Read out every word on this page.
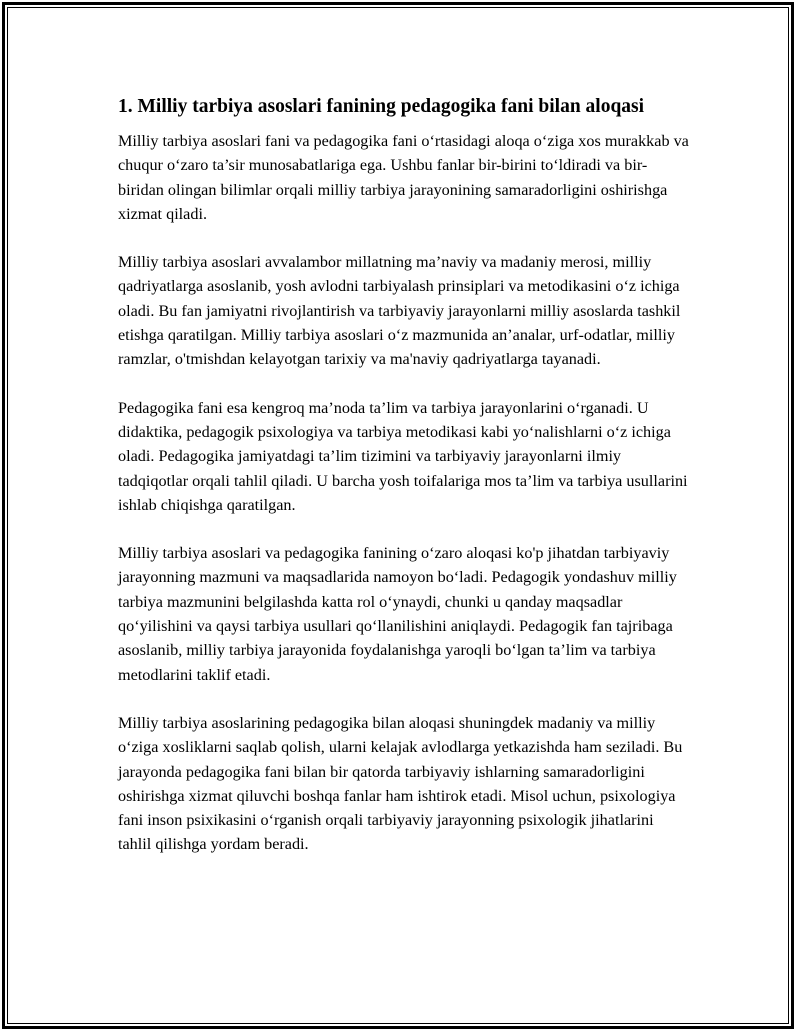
1. Milliy tarbiya asoslari fanining pedagogika fani bilan aloqasi

Milliy tarbiya asoslari fani va pedagogika fani o‘rtasidagi aloqa o‘ziga xos murakkab va chuqur o‘zaro ta’sir munosabatlariga ega. Ushbu fanlar bir-birini to‘ldiradi va bir-biridan olingan bilimlar orqali milliy tarbiya jarayonining samaradorligini oshirishga xizmat qiladi.

Milliy tarbiya asoslari avvalambor millatning ma’naviy va madaniy merosi, milliy qadriyatlarga asoslanib, yosh avlodni tarbiyalash prinsiplari va metodikasini o‘z ichiga oladi. Bu fan jamiyatni rivojlantirish va tarbiyaviy jarayonlarni milliy asoslarda tashkil etishga qaratilgan. Milliy tarbiya asoslari o‘z mazmunida an’analar, urf-odatlar, milliy ramzlar, o'tmishdan kelayotgan tarixiy va ma'naviy qadriyatlarga tayanadi.

Pedagogika fani esa kengroq ma’noda ta’lim va tarbiya jarayonlarini o‘rganadi. U didaktika, pedagogik psixologiya va tarbiya metodikasi kabi yo‘nalishlarni o‘z ichiga oladi. Pedagogika jamiyatdagi ta’lim tizimini va tarbiyaviy jarayonlarni ilmiy tadqiqotlar orqali tahlil qiladi. U barcha yosh toifalariga mos ta’lim va tarbiya usullarini ishlab chiqishga qaratilgan.

Milliy tarbiya asoslari va pedagogika fanining o‘zaro aloqasi ko'p jihatdan tarbiyaviy jarayonning mazmuni va maqsadlarida namoyon bo‘ladi. Pedagogik yondashuv milliy tarbiya mazmunini belgilashda katta rol o‘ynaydi, chunki u qanday maqsadlar qo‘yilishini va qaysi tarbiya usullari qo‘llanilishini aniqlaydi. Pedagogik fan tajribaga asoslanib, milliy tarbiya jarayonida foydalanishga yaroqli bo‘lgan ta’lim va tarbiya metodlarini taklif etadi.

Milliy tarbiya asoslarining pedagogika bilan aloqasi shuningdek madaniy va milliy o‘ziga xosliklarni saqlab qolish, ularni kelajak avlodlarga yetkazishda ham seziladi. Bu jarayonda pedagogika fani bilan bir qatorda tarbiyaviy ishlarning samaradorligini oshirishga xizmat qiluvchi boshqa fanlar ham ishtirok etadi. Misol uchun, psixologiya fani inson psixikasini o‘rganish orqali tarbiyaviy jarayonning psixologik jihatlarini tahlil qilishga yordam beradi.
